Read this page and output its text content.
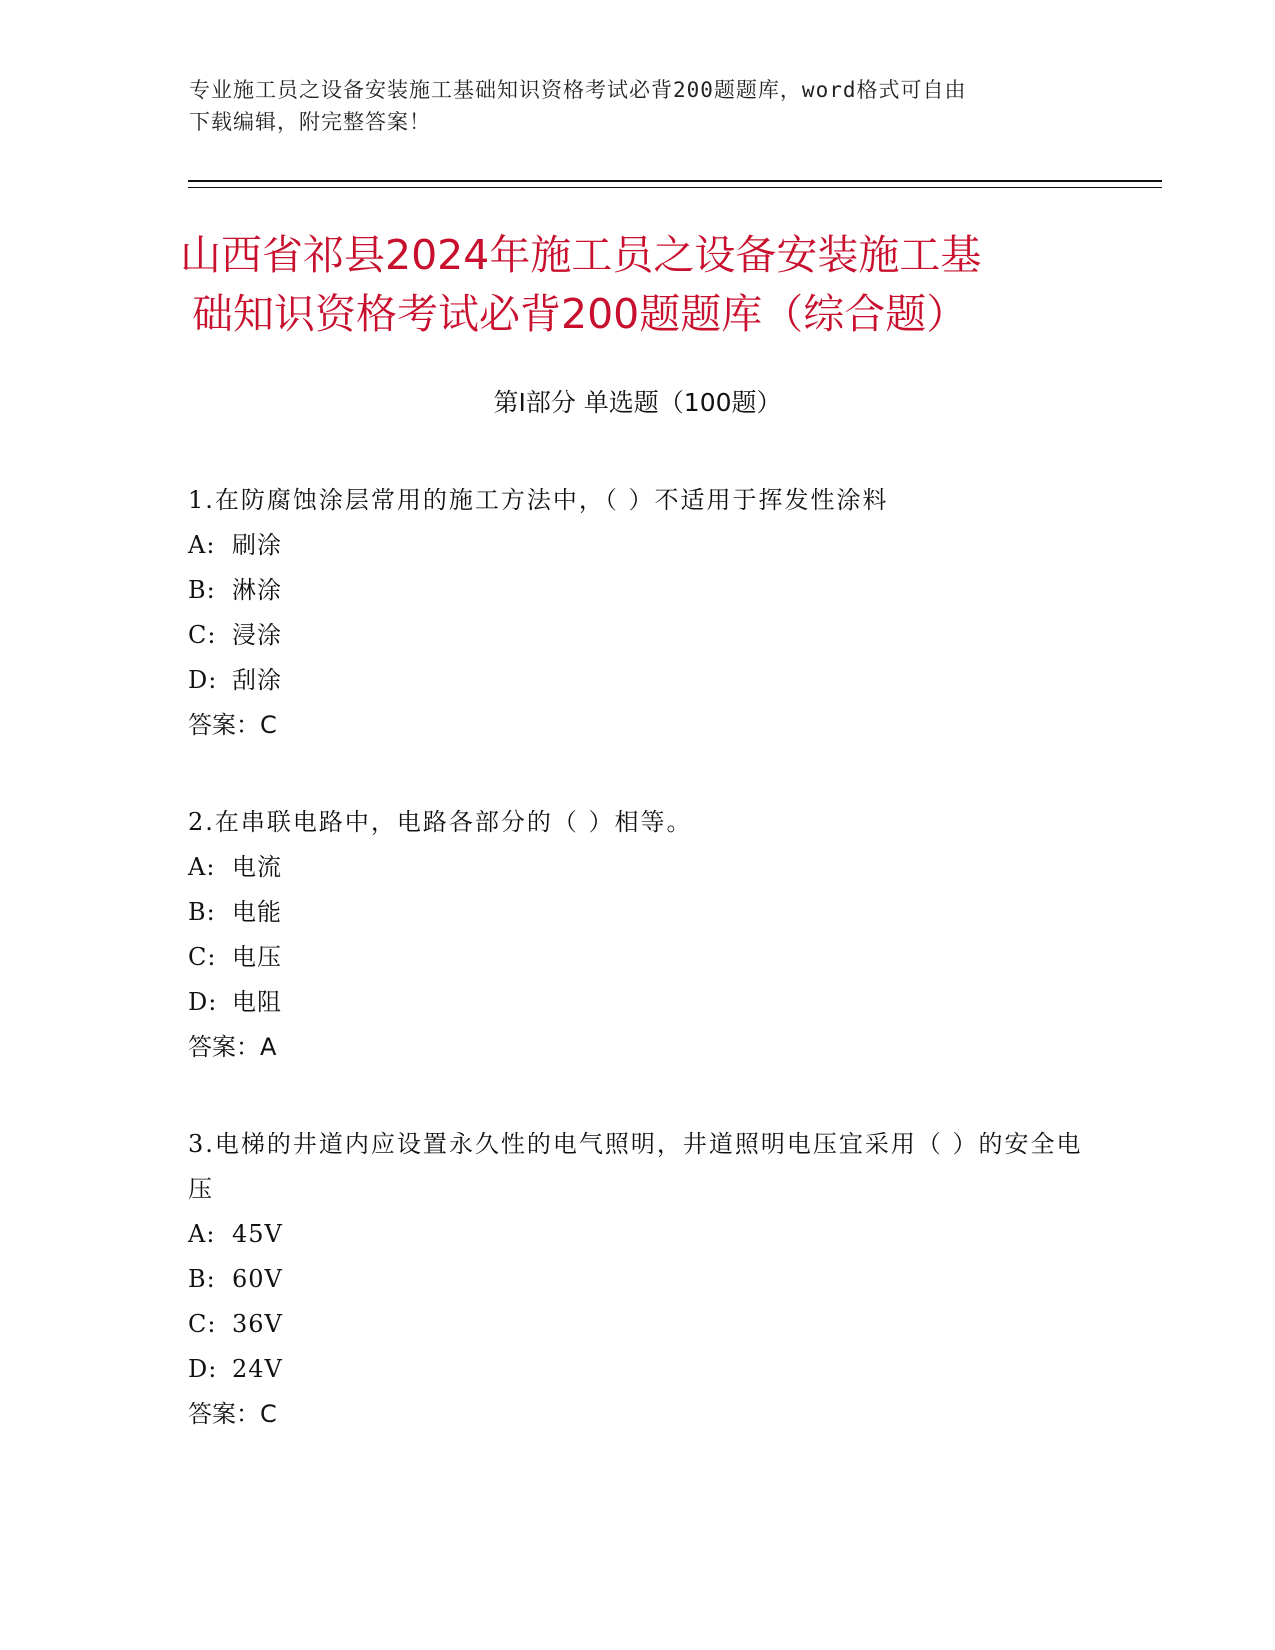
专业施工员之设备安装施工基础知识资格考试必背200题题库，word格式可自由
下载编辑，附完整答案！
山西省祁县2024年施工员之设备安装施工基
础知识资格考试必背200题题库（综合题）
第Ⅰ部分 单选题（100题）
1.在防腐蚀涂层常用的施工方法中，（ ）不适用于挥发性涂料
A: 刷涂
B: 淋涂
C: 浸涂
D: 刮涂
答案：C
2.在串联电路中，电路各部分的（ ）相等。
A: 电流
B: 电能
C: 电压
D: 电阻
答案：A
3.电梯的井道内应设置永久性的电气照明，井道照明电压宜采用（ ）的安全电压
A: 45V
B: 60V
C: 36V
D: 24V
答案：C
